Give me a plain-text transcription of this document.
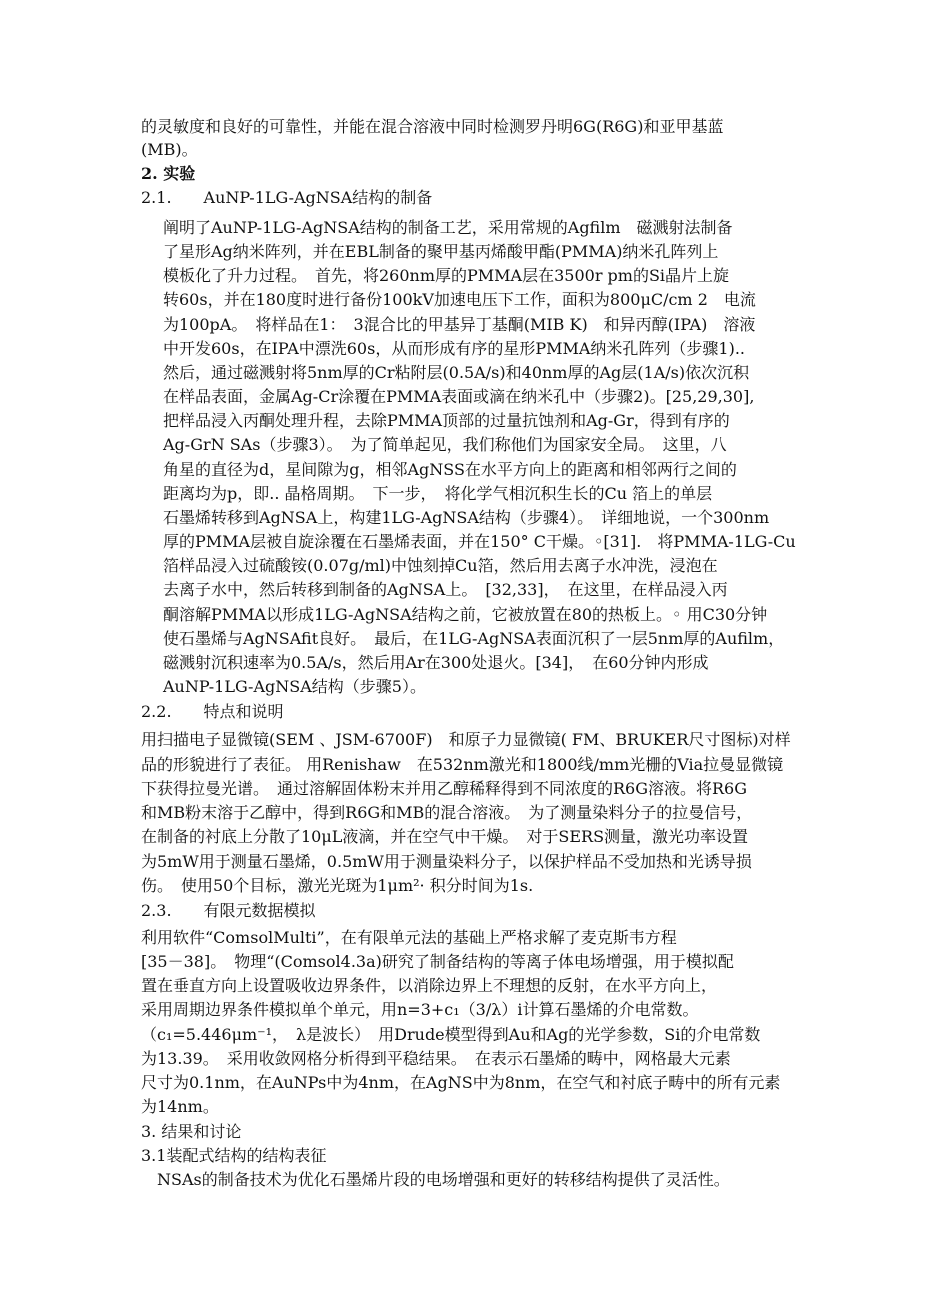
的灵敏度和良好的可靠性，并能在混合溶液中同时检测罗丹明6G(R6G)和亚甲基蓝
(MB)。
2. 实验
2.1.　　AuNP-1LG-AgNSA结构的制备
阐明了AuNP-1LG-AgNSA结构的制备工艺，采用常规的Agfilm　磁溅射法制备
了星形Ag纳米阵列，并在EBL制备的聚甲基丙烯酸甲酯(PMMA)纳米孔阵列上
模板化了升力过程。　首先，将260nm厚的PMMA层在3500r pm的Si晶片上旋
转60s，并在180度时进行备份100kV加速电压下工作，面积为800μC/cm 2　电流
为100pA。　将样品在1：　3混合比的甲基异丁基酮(MIB K)　和异丙醇(IPA)　溶液
中开发60s，在IPA中漂洗60s，从而形成有序的星形PMMA纳米孔阵列（步骤1)..
然后，通过磁溅射将5nm厚的Cr粘附层(0.5A/s)和40nm厚的Ag层(1A/s)依次沉积
在样品表面，金属Ag-Cr涂覆在PMMA表面或滴在纳米孔中（步骤2)。[25,29,30],
把样品浸入丙酮处理升程，去除PMMA顶部的过量抗蚀剂和Ag-Gr，得到有序的
Ag-GrN SAs（步骤3）。　为了简单起见，我们称他们为国家安全局。　这里，八
角星的直径为d，星间隙为g，相邻AgNSS在水平方向上的距离和相邻两行之间的
距离均为p，即.. 晶格周期。　下一步，　将化学气相沉积生长的Cu 箔上的单层
石墨烯转移到AgNSA上，构建1LG-AgNSA结构（步骤4）。　详细地说，一个300nm
厚的PMMA层被自旋涂覆在石墨烯表面，并在150° C干燥。◦[31].　将PMMA-1LG-Cu
箔样品浸入过硫酸铵(0.07g/ml)中蚀刻掉Cu箔，然后用去离子水冲洗，浸泡在
去离子水中，然后转移到制备的AgNSA上。　[32,33]，　在这里，在样品浸入丙
酮溶解PMMA以形成1LG-AgNSA结构之前，它被放置在80的热板上。◦ 用C30分钟
使石墨烯与AgNSAfit良好。　最后，在1LG-AgNSA表面沉积了一层5nm厚的Aufilm，
磁溅射沉积速率为0.5A/s，然后用Ar在300处退火。[34]，　在60分钟内形成
AuNP-1LG-AgNSA结构（步骤5）。
2.2.　　特点和说明
用扫描电子显微镜(SEM 、JSM-6700F)　和原子力显微镜( FM、BRUKER尺寸图标)对样
品的形貌进行了表征。 用Renishaw　在532nm激光和1800线/mm光栅的Via拉曼显微镜
下获得拉曼光谱。　通过溶解固体粉末并用乙醇稀释得到不同浓度的R6G溶液。将R6G
和MB粉末溶于乙醇中，得到R6G和MB的混合溶液。　为了测量染料分子的拉曼信号，
在制备的衬底上分散了10μL液滴，并在空气中干燥。　对于SERS测量，激光功率设置
为5mW用于测量石墨烯，0.5mW用于测量染料分子，以保护样品不受加热和光诱导损
伤。　使用50个目标，激光光斑为1μm²· 积分时间为1s.
2.3.　　有限元数据模拟
利用软件“ComsolMulti”，在有限单元法的基础上严格求解了麦克斯韦方程
[35－38]。　物理“(Comsol4.3a)研究了制备结构的等离子体电场增强，用于模拟配
置在垂直方向上设置吸收边界条件，以消除边界上不理想的反射，在水平方向上，
采用周期边界条件模拟单个单元，用n=3+c₁（3/λ）i计算石墨烯的介电常数。
（c₁=5.446μm⁻¹，　λ是波长）　用Drude模型得到Au和Ag的光学参数，Si的介电常数
为13.39。　采用收敛网格分析得到平稳结果。　在表示石墨烯的畴中，网格最大元素
尺寸为0.1nm，在AuNPs中为4nm，在AgNS中为8nm，在空气和衬底子畴中的所有元素
为14nm。
3. 结果和讨论
3.1装配式结构的结构表征
　NSAs的制备技术为优化石墨烯片段的电场增强和更好的转移结构提供了灵活性。
